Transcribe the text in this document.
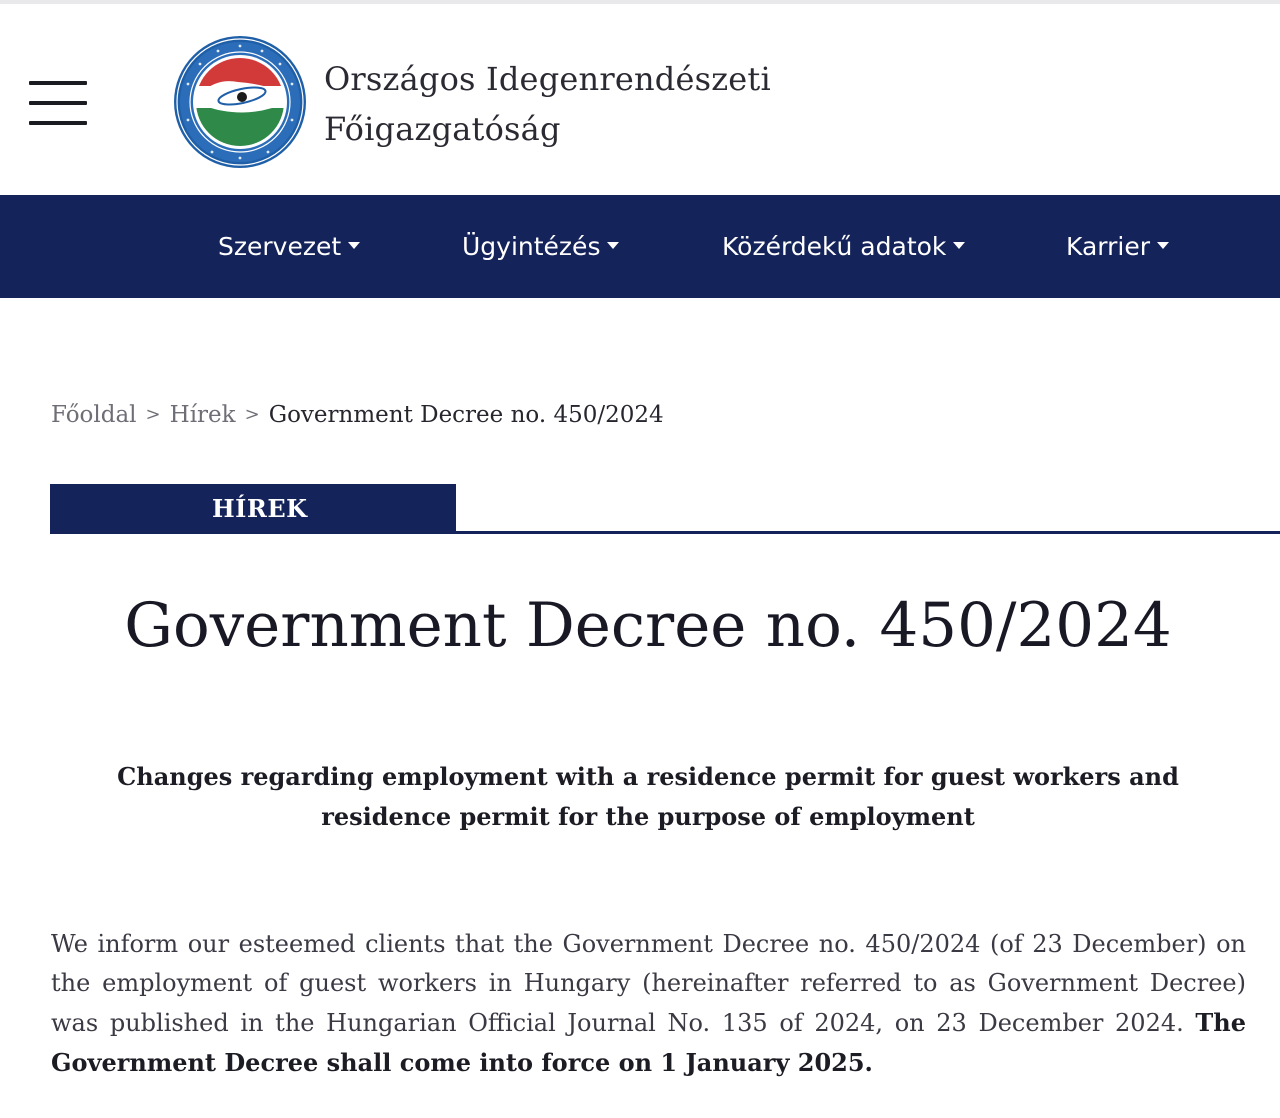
Országos Idegenrendészeti
Főigazgatóság
Szervezet	Ügyintézés	Közérdekű adatok	Karrier
Főoldal > Hírek > Government Decree no. 450/2024
HÍREK
Government Decree no. 450/2024
Changes regarding employment with a residence permit for guest workers and residence permit for the purpose of employment
We inform our esteemed clients that the Government Decree no. 450/2024 (of 23 December) on the employment of guest workers in Hungary (hereinafter referred to as Government Decree) was published in the Hungarian Official Journal No. 135 of 2024, on 23 December 2024. The Government Decree shall come into force on 1 January 2025.
